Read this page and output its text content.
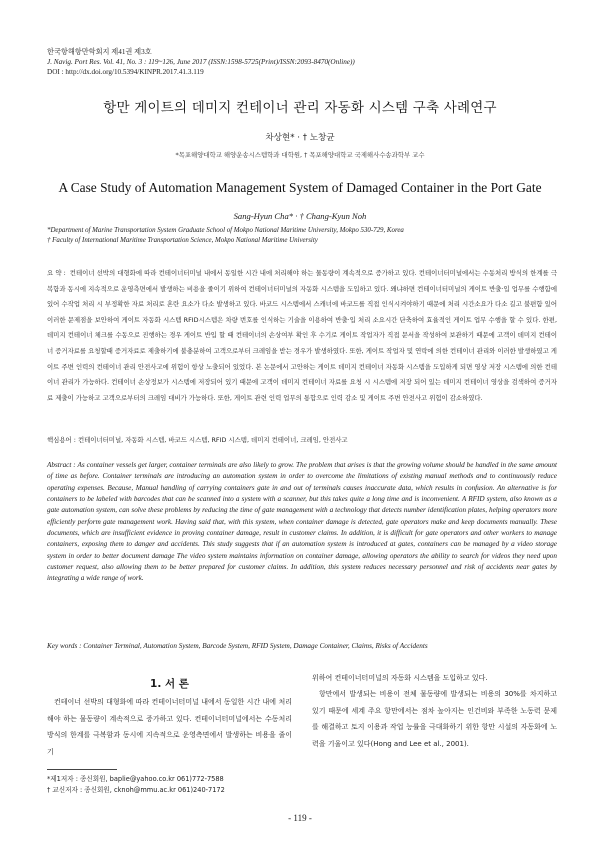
한국항해항만학회지 제41권 제3호
J. Navig. Port Res. Vol. 41, No. 3 : 119~126, June 2017 (ISSN:1598-5725(Print)/ISSN:2093-8470(Online))
DOI : http://dx.doi.org/10.5394/KINPR.2017.41.3.119
항만 게이트의 데미지 컨테이너 관리 자동화 시스템 구축 사례연구
차상현* · † 노창균
*목포해양대학교 해양운송시스템학과 대학원, † 목포해양대학교 국제해사수송과학부 교수
A Case Study of Automation Management System of Damaged Container in the Port Gate
Sang-Hyun Cha* · † Chang-Kyun Noh
*Department of Marine Transportation System Graduate School of Mokpo National Maritime University, Mokpo 530-729, Korea
† Faculty of International Maritime Transportation Science, Mokpo National Maritime University
요 약 : 컨테이너 선박의 대형화에 따라 컨테이너터미널 내에서 동일한 시간 내에 처리해야 하는 물동량이 계속적으로 증가하고 있다. 컨테이너터미널에서는 수동처리 방식의 한계를 극복함과 동시에 지속적으로 운영측면에서 발생하는 비용을 줄이기 위하여 컨테이너터미널의 자동화 시스템을 도입하고 있다. 왜냐하면 컨테이너터미널의 게이트 반출·입 업무를 수행함에 있어 수작업 처리 시 부정확한 자료 처리로 혼란 요소가 다소 발생하고 있다. 바코드 시스템에서 스캐너에 바코드를 직접 인식시켜야하기 때문에 처리 시간소요가 다소 길고 불편함 있어 이러한 문제점을 보안하여 게이트 자동화 시스템 RFID시스템은 차량 번호를 인식하는 기술을 이용하여 반출·입 처리 소요시간 단축하여 효율적인 게이트 업무 수행을 할 수 있다. 한편, 데미지 컨테이너 체크를 수동으로 진행하는 경우 게이트 반입 할 때 컨테이너의 손상여부 확인 후 수기로 게이트 작업자가 직접 문서을 작성하여 보관하기 때문에 고객이 데미지 컨테이너 증거자료를 요청할때 증거자료로 제출하기에 불충분하여 고객으로부터 크레임을 받는 경우가 발생하였다. 또한, 게이트 작업자 및 연락에 의한 컨테이너 관리와 이러한 발생하였고 게이트 주변 인력의 컨테이너 관리 안전사고에 위험이 항상 노출되어 있었다. 본 논문에서 고안하는 게이트 데미지 컨테이너 자동화 시스템을 도입하게 되면 영상 저장 시스템에 의한 컨테이너 관리가 가능하다. 컨테이너 손상정보가 시스템에 저장되어 있기 때문에 고객이 데미지 컨테이너 자료를 요청 시 시스템에 저장 되어 있는 데미지 컨테이너 영상을 검색하여 증거자료 제출이 가능하고 고객으로부터의 크레임 대비가 가능하다. 또한, 게이트 관련 인력 업무의 통합으로 인력 감소 및 게이트 주변 안전사고 위험이 감소하였다.
핵심용어 : 컨테이너터미널, 자동화 시스템, 바코드 시스템, RFID 시스템, 데미지 컨테이너, 크레임, 안전사고
Abstract : As container vessels get larger, container terminals are also likely to grow. The problem that arises is that the growing volume should be handled in the same amount of time as before. Container terminals are introducing an automation system in order to overcome the limitations of existing manual methods and to continuously reduce operating expenses. Because, Manual handling of carrying containers gate in and out of terminals causes inaccurate data, which results in confusion. An alternative is for containers to be labeled with barcodes that can be scanned into a system with a scanner, but this takes quite a long time and is inconvenient. A RFID system, also known as a gate automation system, can solve these problems by reducing the time of gate management with a technology that detects number identification plates, helping operators more efficiently perform gate management work. Having said that, with this system, when container damage is detected, gate operators make and keep documents manually. These documents, which are insufficient evidence in proving container damage, result in customer claims. In addition, it is difficult for gate operators and other workers to manage containers, exposing them to danger and accidents. This study suggests that if an automation system is introduced at gates, containers can be managed by a video storage system in order to better document damage The video system maintains information on container damage, allowing operators the ability to search for videos they need upon customer request, also allowing them to be better prepared for customer claims. In addition, this system reduces necessary personnel and risk of accidents near gates by integrating a wide range of work.
Key words : Container Terminal, Automation System, Barcode System, RFID System, Damage Container, Claims, Risks of Accidents
1. 서 론
컨테이너 선박의 대형화에 따라 컨테이너터미널 내에서 동일한 시간 내에 처리해야 하는 물동량이 계속적으로 증가하고 있다. 컨테이너터미널에서는 수동처리 방식의 한계를 극복함과 동시에 지속적으로 운영측면에서 발생하는 비용을 줄이기
위하여 컨테이너터미널의 자동화 시스템을 도입하고 있다.
항만에서 발생되는 비용이 전체 물동량에 발생되는 비용의 30%를 차지하고 있기 때문에 세계 주요 항만에서는 점차 높아지는 인건비와 부족한 노동력 문제를 해결하고 토지 이용과 작업 능률을 극대화하기 위한 항만 시설의 자동화에 노력을 기울이고 있다(Hong and Lee et al., 2001).
*제1저자 : 종신회원, baplie@yahoo.co.kr 061)772-7588
† 교신저자 : 종신회원, cknoh@mmu.ac.kr 061)240-7172
- 119 -
